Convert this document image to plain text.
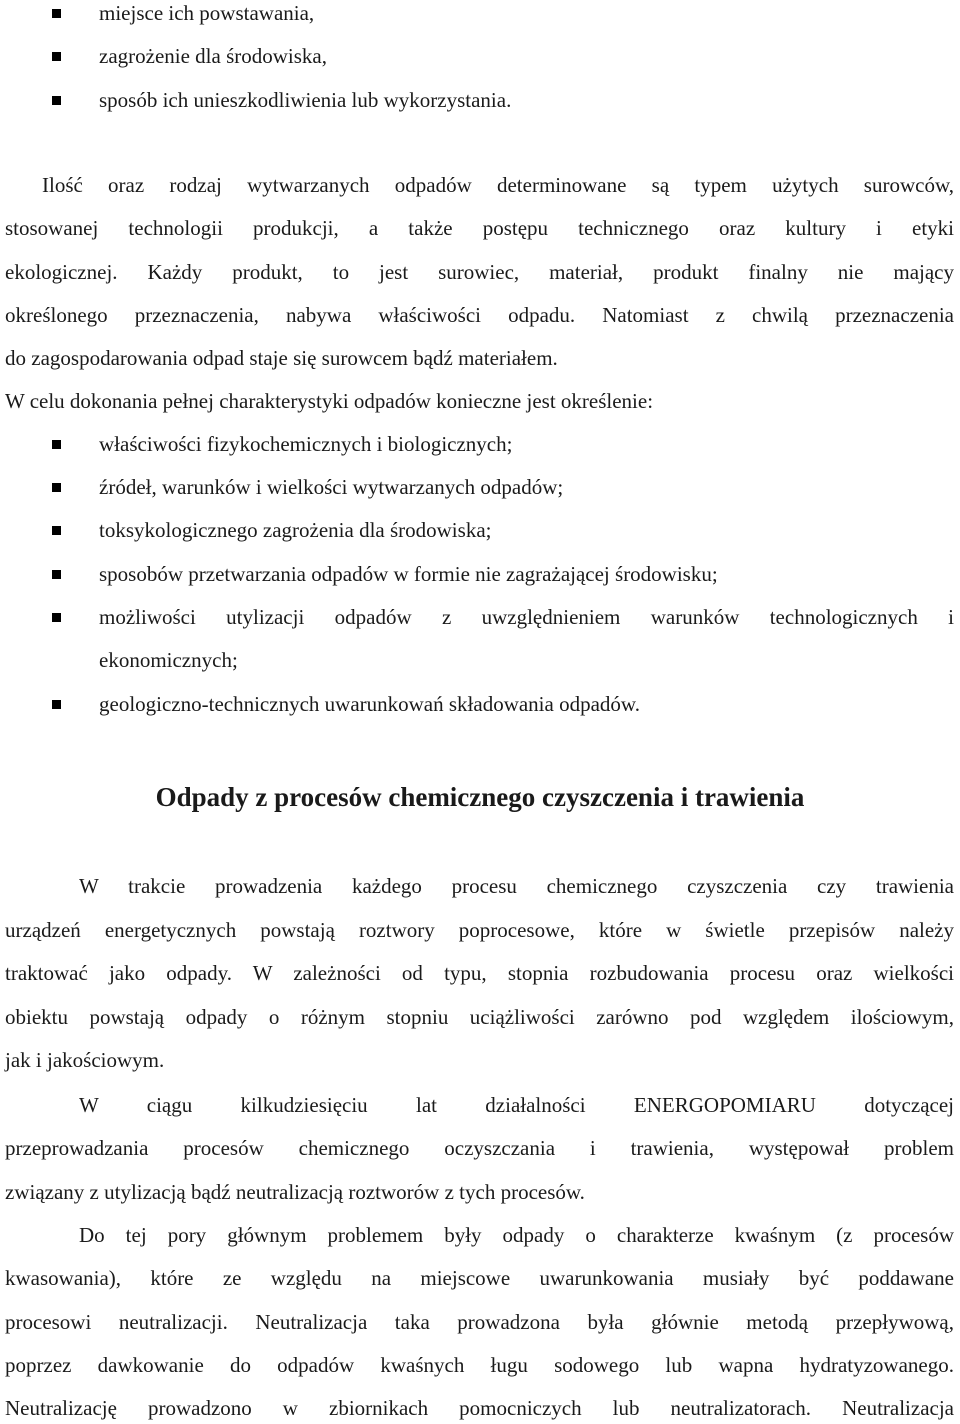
miejsce ich powstawania,
zagrożenie dla środowiska,
sposób ich unieszkodliwienia lub wykorzystania.
Ilość oraz rodzaj wytwarzanych odpadów determinowane są typem użytych surowców,
stosowanej technologii produkcji, a także postępu technicznego oraz kultury i etyki
ekologicznej. Każdy produkt, to jest surowiec, materiał, produkt finalny nie mający
określonego przeznaczenia, nabywa właściwości odpadu. Natomiast z chwilą przeznaczenia
do zagospodarowania odpad staje się surowcem bądź materiałem.
W celu dokonania pełnej charakterystyki odpadów konieczne jest określenie:
właściwości fizykochemicznych i biologicznych;
źródeł, warunków i wielkości wytwarzanych odpadów;
toksykologicznego zagrożenia dla środowiska;
sposobów przetwarzania odpadów w formie nie zagrażającej środowisku;
możliwości utylizacji odpadów z uwzględnieniem warunków technologicznych i
ekonomicznych;
geologiczno-technicznych uwarunkowań składowania odpadów.
Odpady z procesów chemicznego czyszczenia i trawienia
W trakcie prowadzenia każdego procesu chemicznego czyszczenia czy trawienia
urządzeń energetycznych powstają roztwory poprocesowe, które w świetle przepisów należy
traktować jako odpady. W zależności od typu, stopnia rozbudowania procesu oraz wielkości
obiektu powstają odpady o różnym stopniu uciążliwości zarówno pod względem ilościowym,
jak i jakościowym.
W ciągu kilkudziesięciu lat działalności ENERGOPOMIARU dotyczącej
przeprowadzania procesów chemicznego oczyszczania i trawienia, występował problem
związany z utylizacją bądź neutralizacją roztworów z tych procesów.
Do tej pory głównym problemem były odpady o charakterze kwaśnym (z procesów
kwasowania), które ze względu na miejscowe uwarunkowania musiały być poddawane
procesowi neutralizacji. Neutralizacja taka prowadzona była głównie metodą przepływową,
poprzez dawkowanie do odpadów kwaśnych ługu sodowego lub wapna hydratyzowanego.
Neutralizację prowadzono w zbiornikach pomocniczych lub neutralizatorach. Neutralizacja
